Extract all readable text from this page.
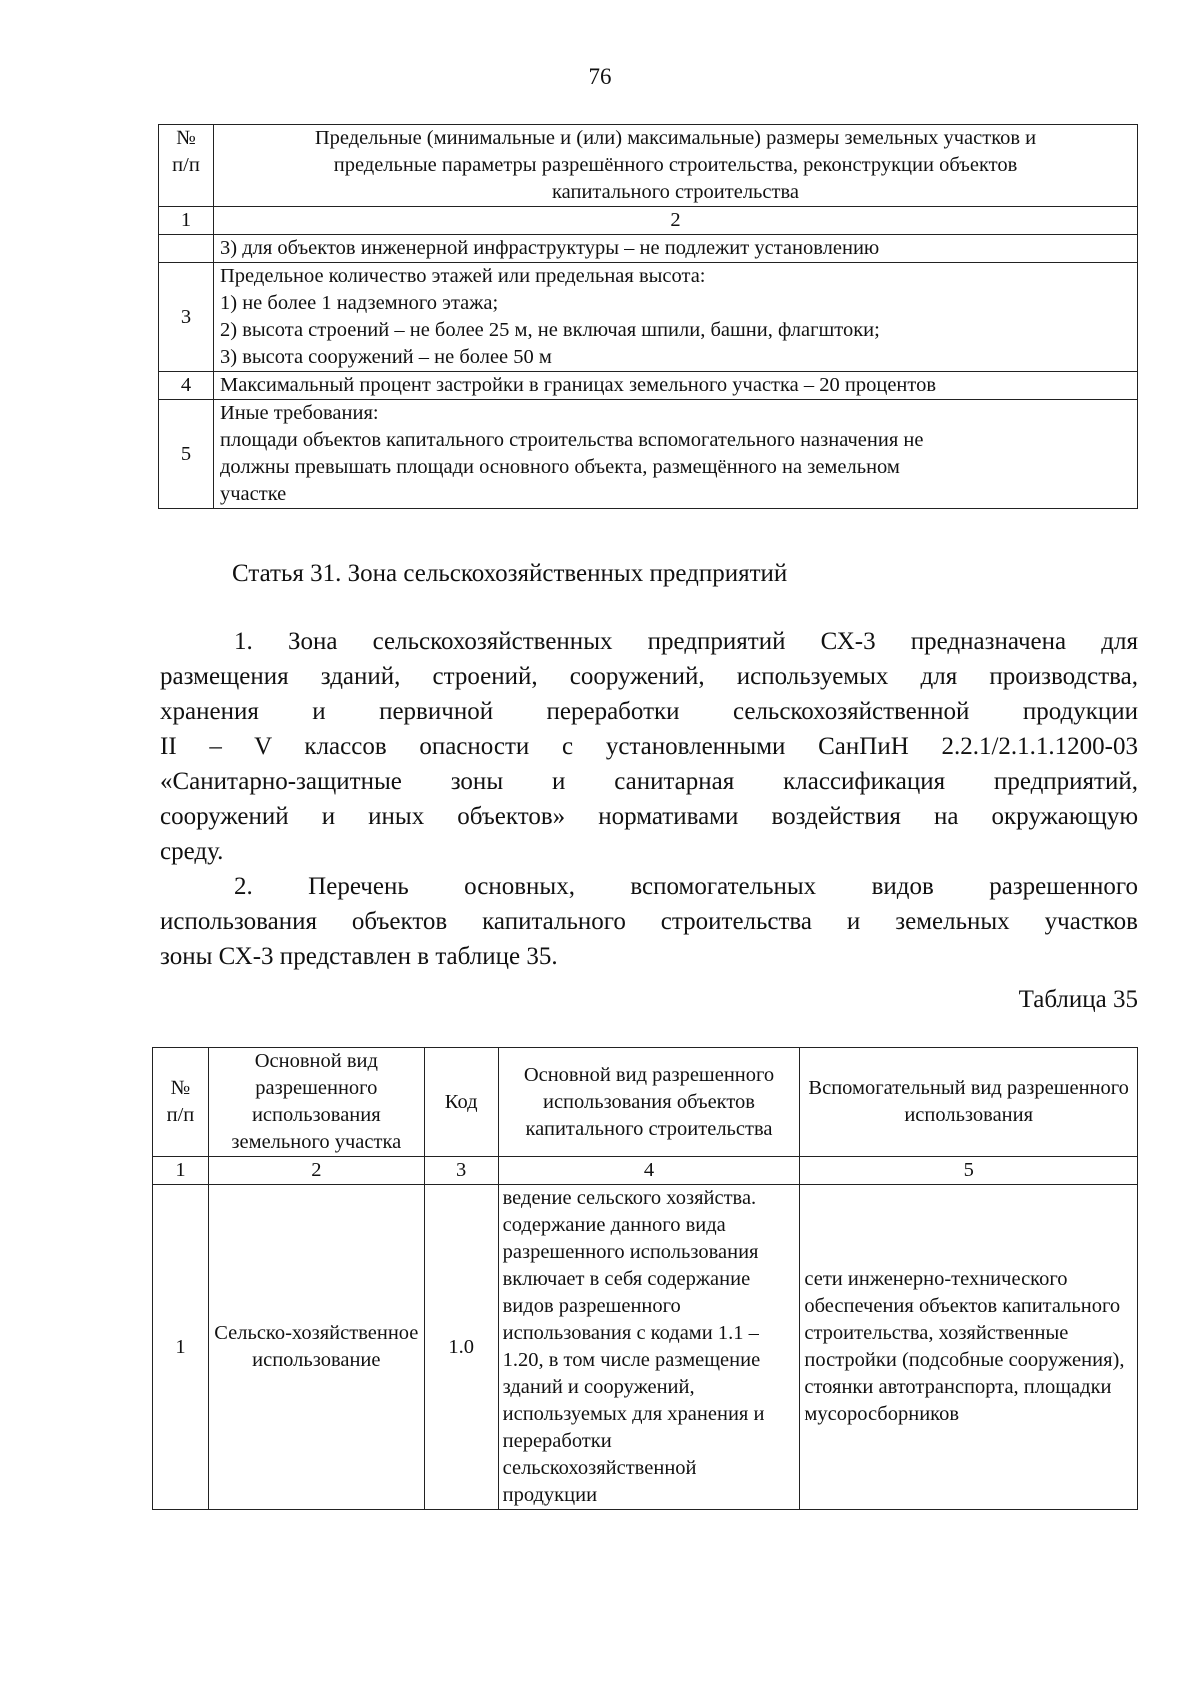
76
№
п/п	Предельные (минимальные и (или) максимальные) размеры земельных участков и
предельные параметры разрешённого строительства, реконструкции объектов
капитального строительства

1	2

	3) для объектов инженерной инфраструктуры – не подлежит установлению

3	Предельное количество этажей или предельная высота:
1) не более 1 надземного этажа;
2) высота строений – не более 25 м, не включая шпили, башни, флагштоки;
3) высота сооружений – не более 50 м

4	Максимальный процент застройки в границах земельного участка – 20 процентов

5	Иные требования:
площади объектов капитального строительства вспомогательного назначения не
должны превышать площади основного объекта, размещённого на земельном
участке
Статья 31. Зона сельскохозяйственных предприятий
1. Зона сельскохозяйственных предприятий СХ-3 предназначена для
размещения зданий, строений, сооружений, используемых для производства,
хранения и первичной переработки сельскохозяйственной продукции
II – V классов опасности с установленными СанПиН 2.2.1/2.1.1.1200-03
«Санитарно-защитные зоны и санитарная классификация предприятий,
сооружений и иных объектов» нормативами воздействия на окружающую
среду.
2. Перечень основных, вспомогательных видов разрешенного
использования объектов капитального строительства и земельных участков
зоны СХ-3 представлен в таблице 35.
Таблица 35
№
п/п	Основной вид разрешенного использования земельного участка	Код	Основной вид разрешенного использования объектов капитального строительства	Вспомогательный вид разрешенного использования
1	2	3	4	5
1	Сельско-хозяйственное использование	1.0	ведение сельского хозяйства. содержание данного вида разрешенного использования включает в себя содержание видов разрешенного использования с кодами 1.1 – 1.20, в том числе размещение зданий и сооружений, используемых для хранения и переработки сельскохозяйственной продукции	сети инженерно-технического обеспечения объектов капитального строительства, хозяйственные постройки (подсобные сооружения), стоянки автотранспорта, площадки мусоросборников
